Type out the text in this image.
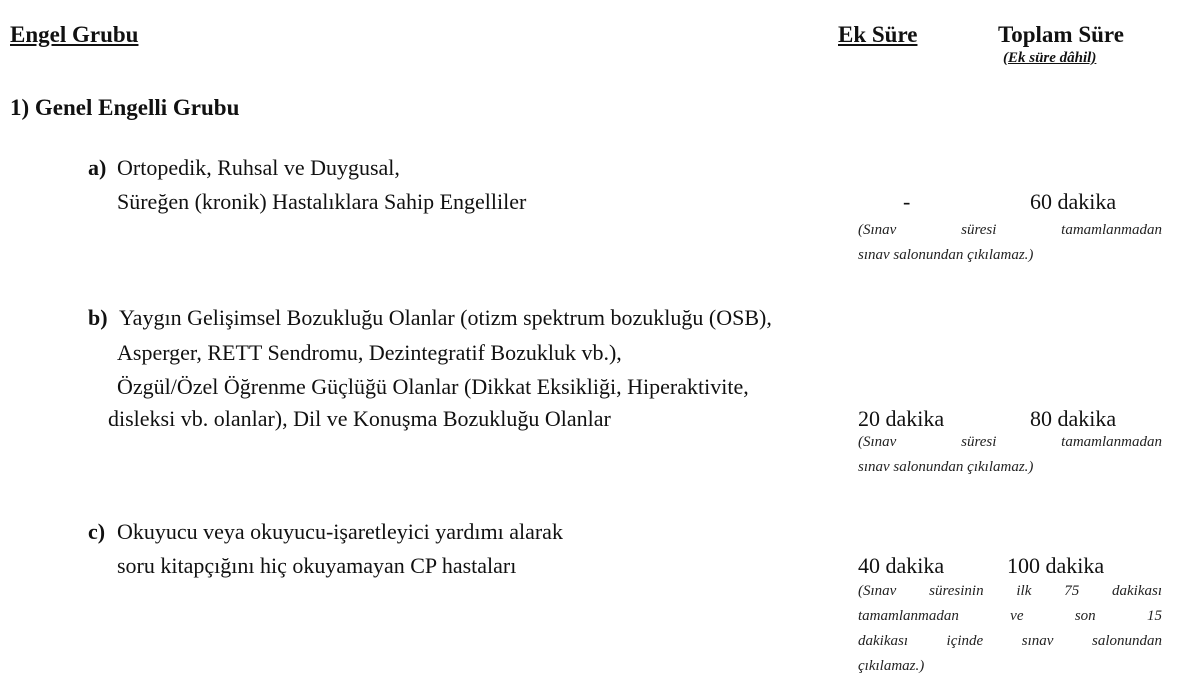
Engel Grubu	Ek Süre	Toplam Süre
(Ek süre dâhil)
1) Genel Engelli Grubu
a) Ortopedik, Ruhsal ve Duygusal,
Süreğen (kronik) Hastalıklara Sahip Engelliler	-	60 dakika
(Sınav süresi tamamlanmadan
sınav salonundan çıkılamaz.)
b) Yaygın Gelişimsel Bozukluğu Olanlar (otizm spektrum bozukluğu (OSB),
Asperger, RETT Sendromu, Dezintegratif Bozukluk vb.),
Özgül/Özel Öğrenme Güçlüğü Olanlar (Dikkat Eksikliği, Hiperaktivite,
disleksi vb. olanlar), Dil ve Konuşma Bozukluğu Olanlar	20 dakika	80 dakika
(Sınav süresi tamamlanmadan
sınav salonundan çıkılamaz.)
c) Okuyucu veya okuyucu-işaretleyici yardımı alarak
soru kitapçığını hiç okuyamayan CP hastaları	40 dakika	100 dakika
(Sınav süresinin ilk 75 dakikası
tamamlanmadan ve son 15
dakikası içinde sınav salonundan
çıkılamaz.)
